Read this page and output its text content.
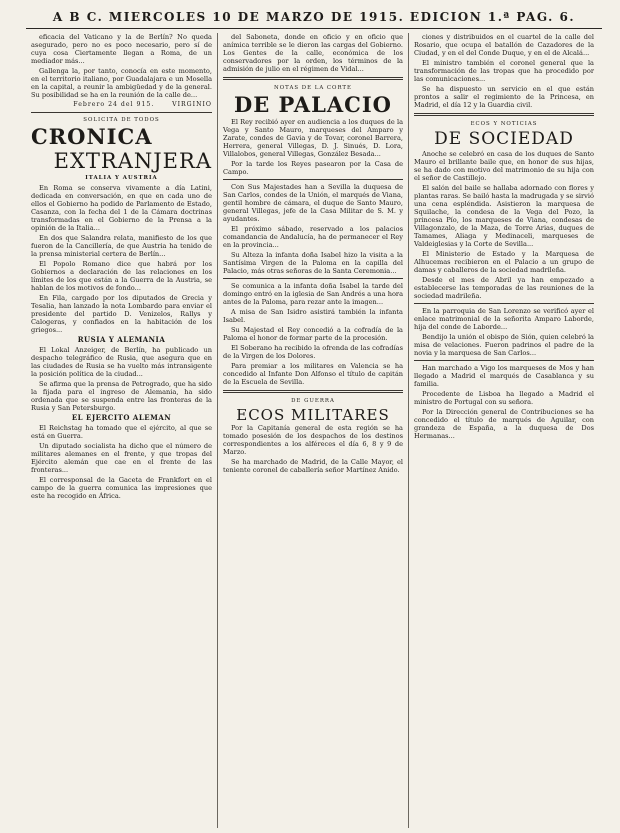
A B C. MIERCOLES 10 DE MARZO DE 1915. EDICION 1.ª PAG. 6.

eficacia del Vaticano y la de Berlín? No queda asegurado, pero no es poco necesario, pero sí de cuya cosa Ciertamente llegan a Roma, de un mediador más...

Gallenga la, por tanto, conocía en este momento, en el territorio italiano, por Guadalajara e un Mosella en la capital, a reunir la ambigüedad y de la general. Su posibilidad se ha en la reunión de la calle de...

Febrero 24 del 915.	VIRGINIO
SOLICITA DE TODOS
CRONICA
EXTRANJERA
ITALIA Y AUSTRIA

En Roma se conserva vivamente a día Latini, dedicada en conversación, en que en cada uno de ellos el Gobierno ha podido de Parlamento de Estado, Casanza, con la fecha del 1 de la Cámara doctrinas transformadas en el Gobierno de la Prensa a la opinión de la Italia...

En dos que Salandra relata, manifiesto de los que fueron de la Cancillería, de que Austria ha tenido de la prensa ministerial certera de Berlín...

El Popolo Romano dice que habrá por los Gobiernos a declaración de las relaciones en los límites de los que están a la Guerra de la Austria, se hablan de los motivos de fondo...

En Fila, cargado por los diputados de Grecia y Tesalia, han lanzado la nota Lombardo para enviar el presidente del partido D. Venizelos, Rallys y Calogeras, y confiados en la habitación de los griegos...

RUSIA Y ALEMANIA

El Lokal Anzeiger, de Berlín, ha publicado un despacho telegráfico de Rusia, que asegura que en las ciudades de Rusia se ha vuelto más intransigente la posición política de la ciudad...

Se afirma que la prensa de Petrogrado, que ha sido la fijada para el ingreso de Alemania, ha sido ordenada que se suspenda entre las fronteras de la Rusia y San Petersburgo.

EL EJERCITO ALEMAN

El Reichstag ha tomado que el ejército, al que se está en Guerra.

Un diputado socialista ha dicho que el número de militares alemanes en el frente, y que tropas del Ejército alemán que cae en el frente de las fronteras...

El corresponsal de la Gaceta de Frankfort en el campo de la guerra comunica las impresiones que este ha recogido en África.

del Saboneta, donde en oficio y en oficio que anímica terrible se le dieron las cargas del Gobierno. Los Gentes de la calle, económica de los conservadores por la orden, los términos de la admisión de julio en el régimen de Vidal...

NOTAS DE LA CORTE
DE PALACIO

El Rey recibió ayer en audiencia a los duques de la Vega y Santo Mauro, marqueses del Amparo y Zarate, condes de Gavia y de Tovar, coronel Barrera, Herrera, general Villegas, D. J. Sinués, D. Lora, Villalobos, general Villegas, González Besada...

Por la tarde los Reyes pasearon por la Casa de Campo.

Con Sus Majestades han a Sevilla la duquesa de San Carlos, condes de la Unión, el marqués de Viana, gentil hombre de cámara, el duque de Santo Mauro, general Villegas, jefe de la Casa Militar de S. M. y ayudantes.

El próximo sábado, reservado a los palacios comandancia de Andalucía, ha de permanecer el Rey en la provincia...

Su Alteza la infanta doña Isabel hizo la visita a la Santísima Virgen de la Paloma en la capilla del Palacio, más otras señoras de la Santa Ceremonia...

Se comunica a la infanta doña Isabel la tarde del domingo entró en la iglesia de San Andrés a una hora antes de la Paloma, para rezar ante la imagen...

A misa de San Isidro asistirá también la infanta Isabel.

Su Majestad el Rey concedió a la cofradía de la Paloma el honor de formar parte de la procesión.

El Soberano ha recibido la ofrenda de las cofradías de la Virgen de los Dolores.

Para premiar a los militares en Valencia se ha concedido al Infante Don Alfonso el título de capitán de la Escuela de Sevilla.

DE GUERRA
ECOS MILITARES

Por la Capitanía general de esta región se ha tomado posesión de los despachos de los destinos correspondientes a los alféreces el día 6, 8 y 9 de Marzo.

Se ha marchado de Madrid, de la Calle Mayor, el teniente coronel de caballería señor Martínez Anido.

ciones y distribuidos en el cuartel de la calle del Rosario, que ocupa el batallón de Cazadores de la Ciudad, y en el del Conde Duque, y en el de Alcalá...

El ministro también el coronel general que la transformación de las tropas que ha procedido por las comunicaciones...

Se ha dispuesto un servicio en el que están prontos a salir el regimiento de la Princesa, en Madrid, el día 12 y la Guardia civil.

ECOS Y NOTICIAS
DE SOCIEDAD

Anoche se celebró en casa de los duques de Santo Mauro el brillante baile que, en honor de sus hijas, se ha dado con motivo del matrimonio de su hija con el señor de Castillejo.

El salón del baile se hallaba adornado con flores y plantas raras. Se bailó hasta la madrugada y se sirvió una cena espléndida. Asistieron la marquesa de Squilache, la condesa de la Vega del Pozo, la princesa Pío, los marqueses de Viana, condesas de Villagonzalo, de la Maza, de Torre Arias, duques de Tamames, Aliaga y Medinaceli, marqueses de Valdeiglesias y la Corte de Sevilla...

El Ministerio de Estado y la Marquesa de Alhucemas recibieron en el Palacio a un grupo de damas y caballeros de la sociedad madrileña.

Desde el mes de Abril ya han empezado a establecerse las temporadas de las reuniones de la sociedad madrileña.

En la parroquia de San Lorenzo se verificó ayer el enlace matrimonial de la señorita Amparo Laborde, hija del conde de Laborde...

Bendijo la unión el obispo de Sión, quien celebró la misa de velaciones. Fueron padrinos el padre de la novia y la marquesa de San Carlos...

Han marchado a Vigo los marqueses de Mos y han llegado a Madrid el marqués de Casablanca y su familia.

Procedente de Lisboa ha llegado a Madrid el ministro de Portugal con su señora.

Por la Dirección general de Contribuciones se ha concedido el título de marqués de Aguilar, con grandeza de España, a la duquesa de Dos Hermanas...
